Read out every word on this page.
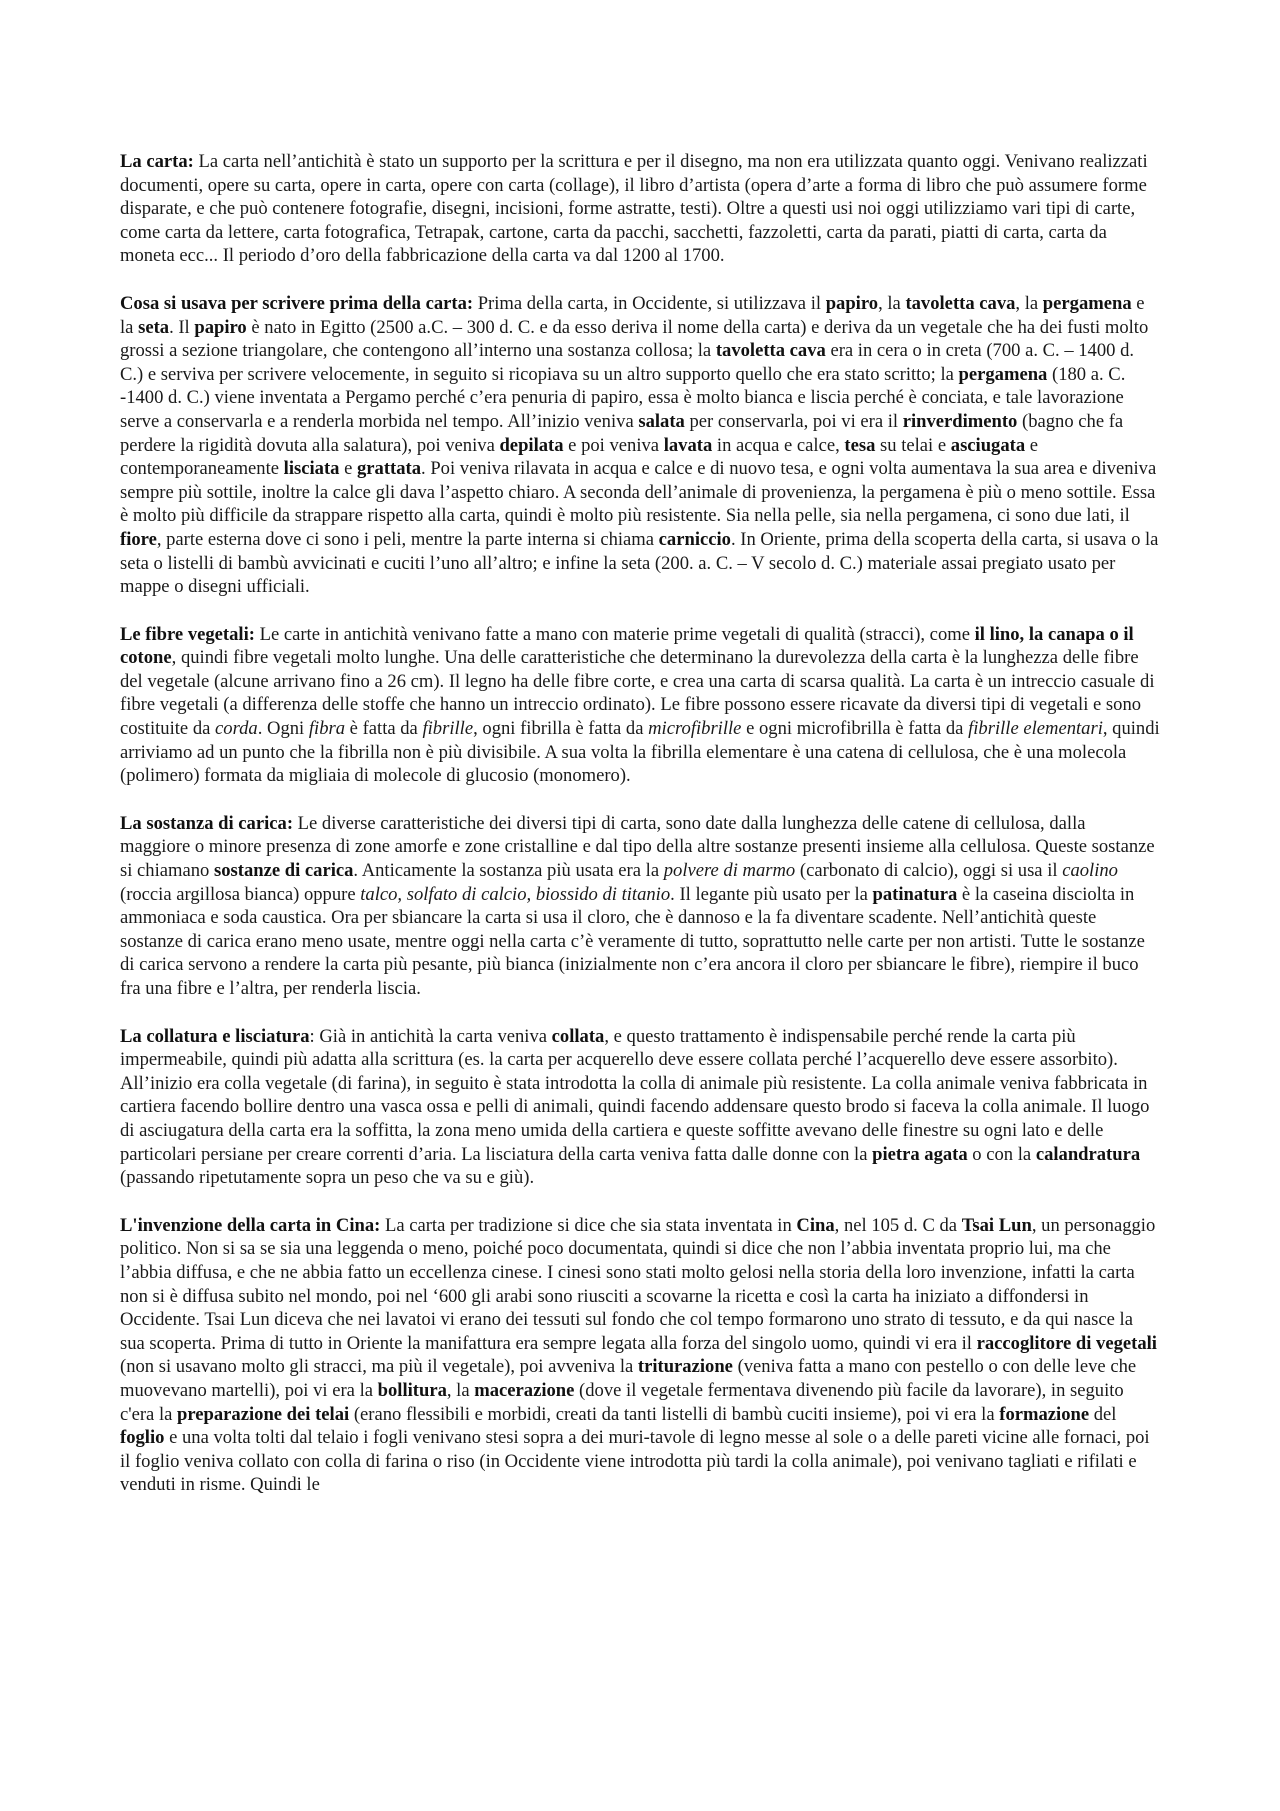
La carta: La carta nell’antichità è stato un supporto per la scrittura e per il disegno, ma non era utilizzata quanto oggi. Venivano realizzati documenti, opere su carta, opere in carta, opere con carta (collage), il libro d’artista (opera d’arte a forma di libro che può assumere forme disparate, e che può contenere fotografie, disegni, incisioni, forme astratte, testi). Oltre a questi usi noi oggi utilizziamo vari tipi di carte, come carta da lettere, carta fotografica, Tetrapak, cartone, carta da pacchi, sacchetti, fazzoletti, carta da parati, piatti di carta, carta da moneta ecc... Il periodo d’oro della fabbricazione della carta va dal 1200 al 1700.

Cosa si usava per scrivere prima della carta: Prima della carta, in Occidente, si utilizzava il papiro, la tavoletta cava, la pergamena e la seta. Il papiro è nato in Egitto (2500 a.C. – 300 d. C. e da esso deriva il nome della carta) e deriva da un vegetale che ha dei fusti molto grossi a sezione triangolare, che contengono all’interno una sostanza collosa; la tavoletta cava era in cera o in creta (700 a. C. – 1400 d. C.) e serviva per scrivere velocemente, in seguito si ricopiava su un altro supporto quello che era stato scritto; la pergamena (180 a. C. -1400 d. C.) viene inventata a Pergamo perché c’era penuria di papiro, essa è molto bianca e liscia perché è conciata, e tale lavorazione serve a conservarla e a renderla morbida nel tempo. All’inizio veniva salata per conservarla, poi vi era il rinverdimento (bagno che fa perdere la rigidità dovuta alla salatura), poi veniva depilata e poi veniva lavata in acqua e calce, tesa su telai e asciugata e contemporaneamente lisciata e grattata. Poi veniva rilavata in acqua e calce e di nuovo tesa, e ogni volta aumentava la sua area e diveniva sempre più sottile, inoltre la calce gli dava l’aspetto chiaro. A seconda dell’animale di provenienza, la pergamena è più o meno sottile. Essa è molto più difficile da strappare rispetto alla carta, quindi è molto più resistente. Sia nella pelle, sia nella pergamena, ci sono due lati, il fiore, parte esterna dove ci sono i peli, mentre la parte interna si chiama carniccio. In Oriente, prima della scoperta della carta, si usava o la seta o listelli di bambù avvicinati e cuciti l’uno all’altro; e infine la seta (200. a. C. – V secolo d. C.) materiale assai pregiato usato per mappe o disegni ufficiali.

Le fibre vegetali: Le carte in antichità venivano fatte a mano con materie prime vegetali di qualità (stracci), come il lino, la canapa o il cotone, quindi fibre vegetali molto lunghe. Una delle caratteristiche che determinano la durevolezza della carta è la lunghezza delle fibre del vegetale (alcune arrivano fino a 26 cm). Il legno ha delle fibre corte, e crea una carta di scarsa qualità. La carta è un intreccio casuale di fibre vegetali (a differenza delle stoffe che hanno un intreccio ordinato). Le fibre possono essere ricavate da diversi tipi di vegetali e sono costituite da corda. Ogni fibra è fatta da fibrille, ogni fibrilla è fatta da microfibrille e ogni microfibrilla è fatta da fibrille elementari, quindi arriviamo ad un punto che la fibrilla non è più divisibile. A sua volta la fibrilla elementare è una catena di cellulosa, che è una molecola (polimero) formata da migliaia di molecole di glucosio (monomero).

La sostanza di carica: Le diverse caratteristiche dei diversi tipi di carta, sono date dalla lunghezza delle catene di cellulosa, dalla maggiore o minore presenza di zone amorfe e zone cristalline e dal tipo della altre sostanze presenti insieme alla cellulosa. Queste sostanze si chiamano sostanze di carica. Anticamente la sostanza più usata era la polvere di marmo (carbonato di calcio), oggi si usa il caolino (roccia argillosa bianca) oppure talco, solfato di calcio, biossido di titanio. Il legante più usato per la patinatura è la caseina disciolta in ammoniaca e soda caustica. Ora per sbiancare la carta si usa il cloro, che è dannoso e la fa diventare scadente. Nell’antichità queste sostanze di carica erano meno usate, mentre oggi nella carta c’è veramente di tutto, soprattutto nelle carte per non artisti. Tutte le sostanze di carica servono a rendere la carta più pesante, più bianca (inizialmente non c’era ancora il cloro per sbiancare le fibre), riempire il buco fra una fibre e l’altra, per renderla liscia.

La collatura e lisciatura: Già in antichità la carta veniva collata, e questo trattamento è indispensabile perché rende la carta più impermeabile, quindi più adatta alla scrittura (es. la carta per acquerello deve essere collata perché l’acquerello deve essere assorbito). All’inizio era colla vegetale (di farina), in seguito è stata introdotta la colla di animale più resistente. La colla animale veniva fabbricata in cartiera facendo bollire dentro una vasca ossa e pelli di animali, quindi facendo addensare questo brodo si faceva la colla animale. Il luogo di asciugatura della carta era la soffitta, la zona meno umida della cartiera e queste soffitte avevano delle finestre su ogni lato e delle particolari persiane per creare correnti d’aria. La lisciatura della carta veniva fatta dalle donne con la pietra agata o con la calandratura (passando ripetutamente sopra un peso che va su e giù).

L'invenzione della carta in Cina: La carta per tradizione si dice che sia stata inventata in Cina, nel 105 d. C da Tsai Lun, un personaggio politico. Non si sa se sia una leggenda o meno, poiché poco documentata, quindi si dice che non l’abbia inventata proprio lui, ma che l’abbia diffusa, e che ne abbia fatto un eccellenza cinese. I cinesi sono stati molto gelosi nella storia della loro invenzione, infatti la carta non si è diffusa subito nel mondo, poi nel ‘600 gli arabi sono riusciti a scovarne la ricetta e così la carta ha iniziato a diffondersi in Occidente. Tsai Lun diceva che nei lavatoi vi erano dei tessuti sul fondo che col tempo formarono uno strato di tessuto, e da qui nasce la sua scoperta. Prima di tutto in Oriente la manifattura era sempre legata alla forza del singolo uomo, quindi vi era il raccoglitore di vegetali (non si usavano molto gli stracci, ma più il vegetale), poi avveniva la triturazione (veniva fatta a mano con pestello o con delle leve che muovevano martelli), poi vi era la bollitura, la macerazione (dove il vegetale fermentava divenendo più facile da lavorare), in seguito c'era la preparazione dei telai (erano flessibili e morbidi, creati da tanti listelli di bambù cuciti insieme), poi vi era la formazione del foglio e una volta tolti dal telaio i fogli venivano stesi sopra a dei muri-tavole di legno messe al sole o a delle pareti vicine alle fornaci, poi il foglio veniva collato con colla di farina o riso (in Occidente viene introdotta più tardi la colla animale), poi venivano tagliati e rifilati e venduti in risme. Quindi le
